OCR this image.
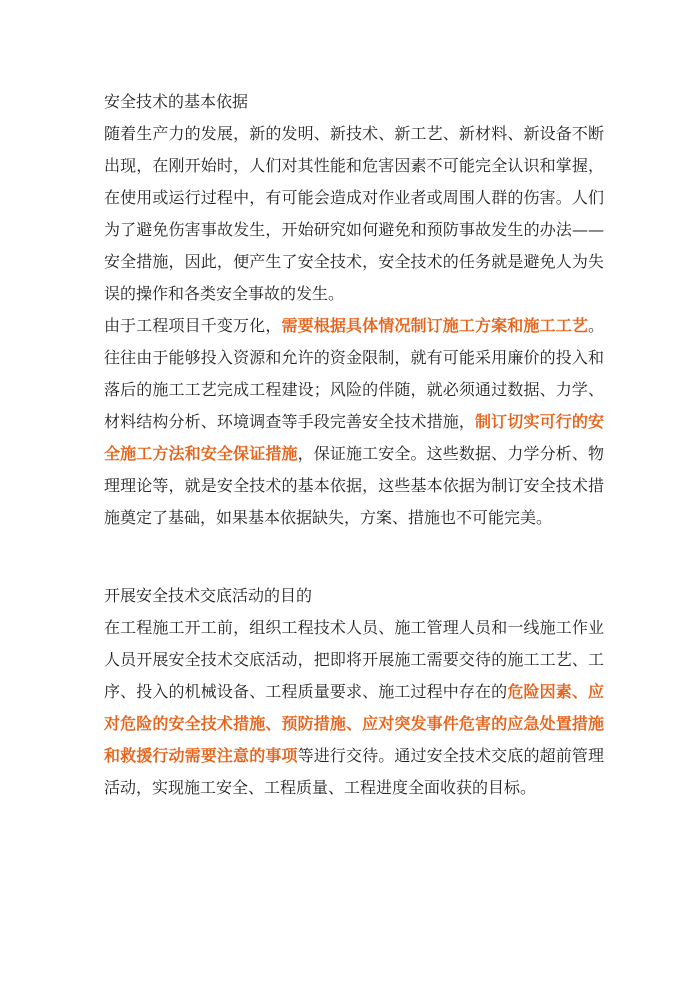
安全技术的基本依据

随着生产力的发展，新的发明、新技术、新工艺、新材料、新设备不断出现，在刚开始时，人们对其性能和危害因素不可能完全认识和掌握，在使用或运行过程中，有可能会造成对作业者或周围人群的伤害。人们为了避免伤害事故发生，开始研究如何避免和预防事故发生的办法——安全措施，因此，便产生了安全技术，安全技术的任务就是避免人为失误的操作和各类安全事故的发生。

由于工程项目千变万化，需要根据具体情况制订施工方案和施工工艺。往往由于能够投入资源和允许的资金限制，就有可能采用廉价的投入和落后的施工工艺完成工程建设；风险的伴随，就必须通过数据、力学、材料结构分析、环境调查等手段完善安全技术措施，制订切实可行的安全施工方法和安全保证措施，保证施工安全。这些数据、力学分析、物理理论等，就是安全技术的基本依据，这些基本依据为制订安全技术措施奠定了基础，如果基本依据缺失，方案、措施也不可能完美。

开展安全技术交底活动的目的

在工程施工开工前，组织工程技术人员、施工管理人员和一线施工作业人员开展安全技术交底活动，把即将开展施工需要交待的施工工艺、工序、投入的机械设备、工程质量要求、施工过程中存在的危险因素、应对危险的安全技术措施、预防措施、应对突发事件危害的应急处置措施和救援行动需要注意的事项等进行交待。通过安全技术交底的超前管理活动，实现施工安全、工程质量、工程进度全面收获的目标。
